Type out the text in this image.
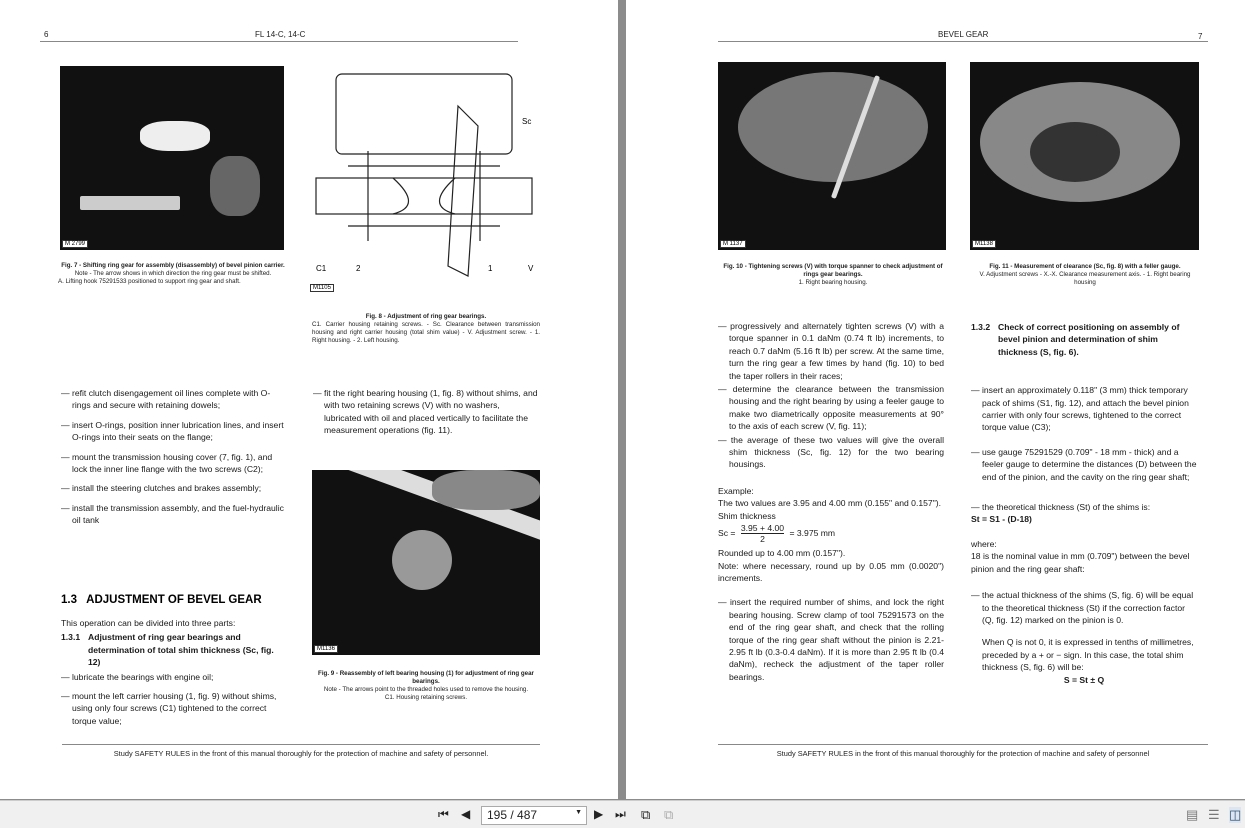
6	FL 14-C, 14-C
M 2799
Fig. 7 - Shifting ring gear for assembly (disassembly) of bevel pinion carrier.
Note - The arrow shows in which direction the ring gear must be shifted.
A. Lifting hook 75291533 positioned to support ring gear and shaft.
C1	2	1	V
Sc
M1105
Fig. 8 - Adjustment of ring gear bearings.
C1. Carrier housing retaining screws. - Sc. Clearance between transmission housing and right carrier housing (total shim value) - V. Adjustment screw. - 1. Right housing. - 2. Left housing.
— refit clutch disengagement oil lines complete with O-rings and secure with retaining dowels;
— insert O-rings, position inner lubrication lines, and insert O-rings into their seats on the flange;
— mount the transmission housing cover (7, fig. 1), and lock the inner line flange with the two screws (C2);
— install the steering clutches and brakes assembly;
— install the transmission assembly, and the fuel-hydraulic oil tank
— fit the right bearing housing (1, fig. 8) without shims, and with two retaining screws (V) with no washers, lubricated with oil and placed vertically to facilitate the measurement operations (fig. 11).
M1136
Fig. 9 - Reassembly of left bearing housing (1) for adjustment of ring gear bearings.
Note - The arrows point to the threaded holes used to remove the housing.
C1. Housing retaining screws.
1.3   ADJUSTMENT OF BEVEL GEAR
This operation can be divided into three parts:
1.3.1 Adjustment of ring gear bearings and determination of total shim thickness (Sc, fig. 12)
— lubricate the bearings with engine oil;
— mount the left carrier housing (1, fig. 9) without shims, using only four screws (C1) tightened to the correct torque value;
Study SAFETY RULES in the front of this manual thoroughly for the protection of machine and safety of personnel.
BEVEL GEAR	7
M 1137
Fig. 10 - Tightening screws (V) with torque spanner to check adjustment of rings gear bearings.
1. Right bearing housing.
M1138
Fig. 11 - Measurement of clearance (Sc, fig. 8) with a feller gauge.
V. Adjustment screws - X.-X. Clearance measurement axis. - 1. Right bearing housing
— progressively and alternately tighten screws (V) with a torque spanner in 0.1 daNm (0.74 ft lb) increments, to reach 0.7 daNm (5.16 ft lb) per screw. At the same time, turn the ring gear a few times by hand (fig. 10) to bed the taper rollers in their races;
— determine the clearance between the transmission housing and the right bearing by using a feeler gauge to make two diametrically opposite measurements at 90° to the axis of each screw (V, fig. 11);
— the average of these two values will give the overall shim thickness (Sc, fig. 12) for the two bearing housings.
Example:
The two values are 3.95 and 4.00 mm (0.155" and 0.157").
Shim thickness
$Sc = \frac{3.95 + 4.00}{2} = 3.975$ mm
Rounded up to 4.00 mm (0.157").
Note: where necessary, round up by 0.05 mm (0.0020") increments.
— insert the required number of shims, and lock the right bearing housing. Screw clamp of tool 75291573 on the end of the ring gear shaft, and check that the rolling torque of the ring gear shaft without the pinion is 2.21-2.95 ft lb (0.3-0.4 daNm). If it is more than 2.95 ft lb (0.4 daNm), recheck the adjustment of the taper roller bearings.
1.3.2 Check of correct positioning on assembly of bevel pinion and determination of shim thickness (S, fig. 6).
— insert an approximately 0.118" (3 mm) thick temporary pack of shims (S1, fig. 12), and attach the bevel pinion carrier with only four screws, tightened to the correct torque value (C3);
— use gauge 75291529 (0.709" - 18 mm - thick) and a feeler gauge to determine the distances (D) between the end of the pinion, and the cavity on the ring gear shaft;
— the theoretical thickness (St) of the shims is:
St = S1 - (D-18)
where:
18 is the nominal value in mm (0.709") between the bevel pinion and the ring gear shaft:
— the actual thickness of the shims (S, fig. 6) will be equal to the theoretical thickness (St) if the correction factor (Q, fig. 12) marked on the pinion is 0.
When Q is not 0, it is expressed in tenths of millimetres, preceded by a + or − sign. In this case, the total shim thickness (S, fig. 6) will be:
S = St ± Q
Study SAFETY RULES in the front of this manual thoroughly for the protection of machine and safety of personnel
⏮ ◀	195 / 487	▼ ▶ ⏭ ⧉ ⧉	▤ ☰ ◫
